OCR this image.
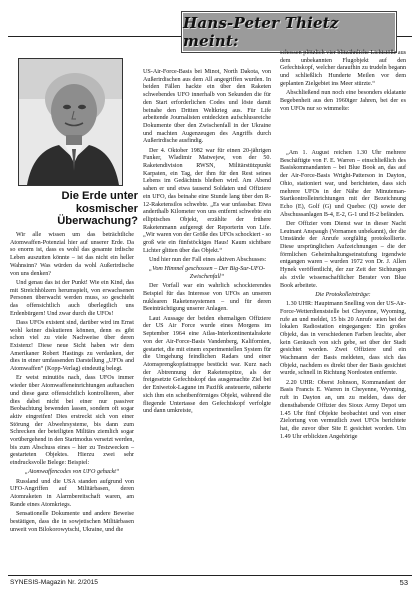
Hans-Peter Thietz meint:
Die Erde unter kosmischer Überwachung?

Wir alle wissen um das beträchtliche Atomwaffen-Potenzial hier auf unserer Erde. Da so enorm ist, dass es wohl das gesamte irdische Leben auszutten könnte – ist das nicht ein heller Wahnsinn? Was würden da wohl Außerirdische von uns denken?

Und genau das ist der Punkt! Wie ein Kind, das mit Streichhölzern herumspielt, von erwachsenen Personen überwacht werden muss, so geschieht das offensichtlich auch überlegtlich uns Erdenbürgern! Und zwar durch die UFOs!

Dass UFOs existent sind, darüber wird im Ernst wohl keiner diskutieren können, denn es gibt schon viel zu viele Nachweise über deren Existenz! Diese neue Sicht haben wir dem Amerikaner Robert Hastings zu verdanken, der dies in einer umfassenden Darstellung „UFOs and Atomwaffen“ (Kopp-Verlag) eindeutig belegt.

Er weist minutiös nach, dass UFOs immer wieder über Atomwaffeneinrichtungen auftauchen und diese ganz offensichtlich kontrollieren, aber dies dabei nicht bei einer nur passiver Beobachtung bewenden lassen, sondern oft sogar aktiv eingreifen! Dies erstreckt sich von einer Störung der Abwehrsysteme, bis dann zum Schrecken der beteiligten Militärs ziemlich sogar vorübergehend in den Startmodus versetzt werden, bis zum Abschuss eines – hier zu Testzwecken – gestarteten Objektes. Hierzu zwei sehr eindrucksvolle Belege: Beispiel:

„Atomwaffencodes von UFO gehackt“

Russland und die USA standen aufgrund von UFO-Angriffen auf Militärbasen, deren Atomraketen in Alarmbereitschaft waren, am Rande eines Atomkriegs.

Sensationelle Dokumente und andere Beweise bestätigen, dass die in sowjetischen Militärbasen unweit von Bilokorowytschi, Ukraine, und die

US-Air-Force-Basis bei Minot, North Dakota, von Außerirdischen aus dem All angegriffen wurden. In beiden Fällen hackte ein über den Raketen schwebendes UFO innerhalb von Sekunden die für den Start erforderlichen Codes und löste damit beinahe den Dritten Weltkrieg aus. Für Life arbeitende Journalisten entdeckten aufschlussreiche Dokumente über den Zwischenfall in der Ukraine und machten Augenzeugen des Angriffs durch Außerirdische ausfindig.

Der 4. Oktober 1982 war für einen 20-jährigen Funker, Wladimir Matwejew, von der 50. Raketendivision RWSN, Militärstützpunkt Karpaten, ein Tag, der ihm für den Rest seines Lebens im Gedächtnis bleiben wird. Am Abend sahen er und etwa tausend Soldaten und Offiziere ein UFO, das beinahe eine Stunde lang über den R-12-Raketensilos schwebte. „Es war unfassbar. Etwa anderthalb Kilometer von uns entfernt schwebte ein elliptisches Objekt, erzählte der frühere Raketenmann aufgeregt der Reporterin von Life. „Wir waren von der Größe des UFOs schockiert - so groß wie ein fünfstöckiges Haus! Kaum sichtbare Lichter glitten über das Objekt.“

Und hier nun der Fall eines aktiven Abschusses:

„Vom Himmel geschossen – Der Big-Sur-UFO-Zwischenfall“

Der Vorfall war ein wahrlich schockierendes Beispiel für das Interesse von UFOs an unseren nuklearen Raketensystemen – und für deren Beeinträchtigung unserer Anlagen.

Laut Aussage der beiden ehemaligen Offiziere der US Air Force wurde eines Morgens im September 1964 eine Atlas-Interkontinentalrakete von der Air-Force-Basis Vandenberg, Kalifornien, gestartet, die mit einem experimentellen System für die Umgehung feindlichen Radars und einer Atomsprengkopfattrappe bestückt war. Kurz nach der Abtrennung der Raketenspitze, als der freigesetzte Gefechtskopf das ausgemachte Ziel bei der Eniwetok-Lagune im Pazifik ansteuerte, näherte sich ihm ein scheibenförmiges Objekt, während die fliegende Untertasse den Gefechtskopf verfolgte und dann umkreiste,

schossen plötzlich vier blitzähnliche Lichtstöße aus dem unbekannten Flugobjekt auf den Gefechtskopf, welcher daraufhin zu trudeln begann und schließlich Hunderte Meilen vor dem geplanten Zielgebiet ins Meer stürzte.“

Abschließend nun noch eine besonders eklatante Begebenheit aus den 1960iger Jahren, bei der es von UFOs nur so wimmelte:

„Am 1. August reichen 1.30 Uhr mehrere Beschäftigte von F. E. Warren – einschließlich des Basiskommandanten – bei Blue Book an, das auf der Air-Force-Basis Wright-Patterson in Dayton, Ohio, stationiert war, und berichteten, dass sich mehrere UFOs in der Nähe der Minuteman-Startkontrolleinrichtungen mit der Bezeichnung Echo (E), Golf (G) und Quebec (Q) sowie der Abschussanlagen B-4, E-2, G-1 und H-2 befänden.

Der Offizier vom Dienst war in dieser Nacht Leutnant Anspaugh (Vornamen unbekannt), der die Umstände der Anrufe sorgfältig protokollierte. Diese ursprünglichen Aufzeichnungen – die der förmlichen Geheimhaltungseinstufung irgendwie entgangen waren – wurden 1972 von Dr. J. Allen Hynek veröffentlicht, der zur Zeit der Sichtungen als zivile wissenschaftlicher Berater von Blue Book arbeitete.

Die Protokolleinträge:

1.30 UHR: Hauptmann Snelling von der US-Air-Force-Wetterdienststelle bei Cheyenne, Wyoming, rufe an und meldet, 15 bis 20 Anrufe seien bei der lokalen Radiostation eingegangen: Ein großes Objekt, das in verschiedenen Farben leuchte, aber kein Geräusch von sich gebe, sei über der Stadt gesichtet worden. Zwei Offiziere und ein Wachmann der Basis meldeten, dass sich das Objekt, nachdem es direkt über der Basis gesichtet wurde, schnell in Richtung Nordosten entfernte.

2.20 UHR: Oberst Johnson, Kommandant der Basis Francis E. Warren in Cheyenne, Wyoming, ruft in Dayton an, um zu melden, dass der diensthabende Offizier des Sioux Army Depot um 1.45 Uhr fünf Objekte beobachtet und von einer Zielortung von vermutlich zwei UFOs berichtete hat, die zuvor über Site E gesichtet worden. Um 1.49 Uhr erblickten Angehörige

SYNESIS-Magazin Nr. 2/2015	53
